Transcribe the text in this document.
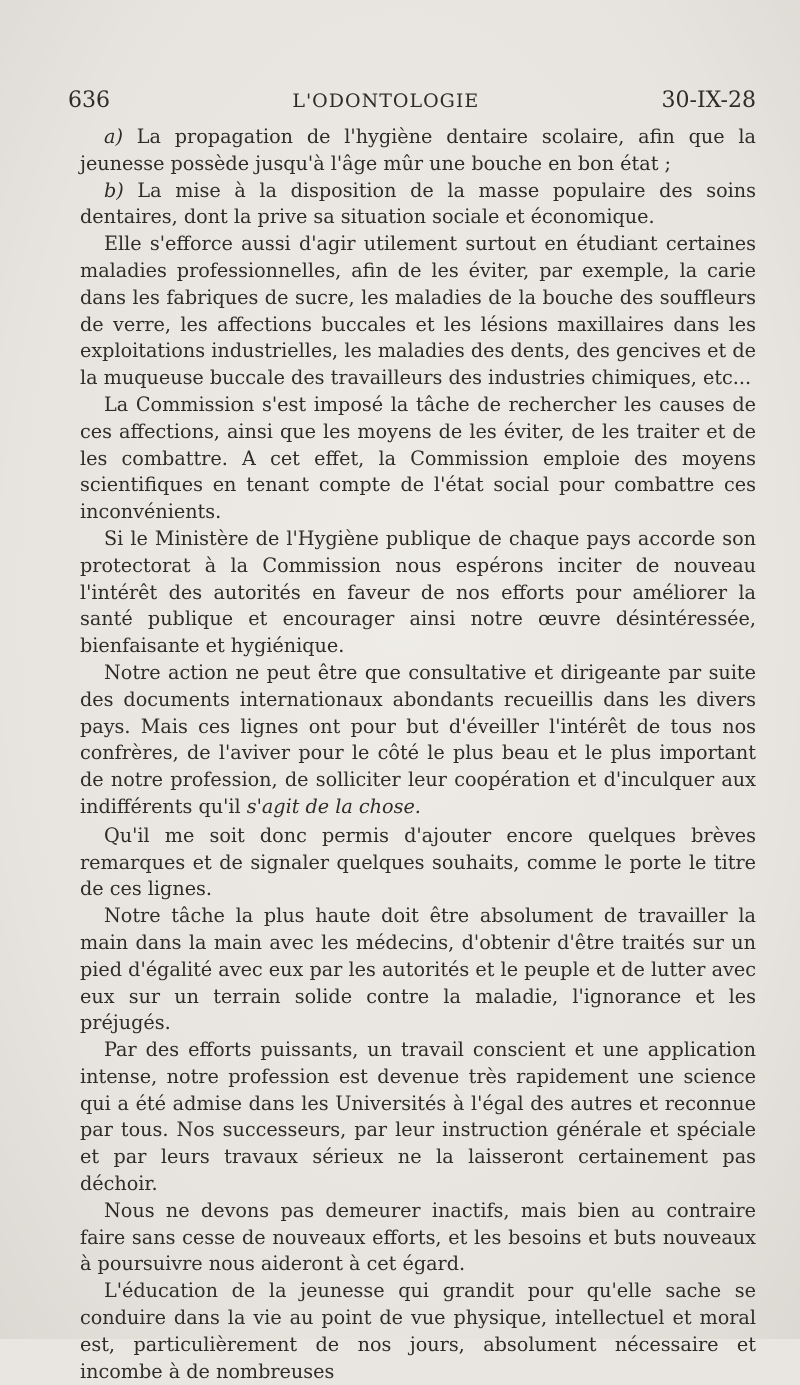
636	L'ODONTOLOGIE	30-IX-28

a) La propagation de l'hygiène dentaire scolaire, afin que la jeunesse possède jusqu'à l'âge mûr une bouche en bon état ;

b) La mise à la disposition de la masse populaire des soins dentaires, dont la prive sa situation sociale et économique.

Elle s'efforce aussi d'agir utilement surtout en étudiant certaines maladies professionnelles, afin de les éviter, par exemple, la carie dans les fabriques de sucre, les maladies de la bouche des souffleurs de verre, les affections buccales et les lésions maxillaires dans les exploitations industrielles, les maladies des dents, des gencives et de la muqueuse buccale des travailleurs des industries chimiques, etc...

La Commission s'est imposé la tâche de rechercher les causes de ces affections, ainsi que les moyens de les éviter, de les traiter et de les combattre. A cet effet, la Commission emploie des moyens scientifiques en tenant compte de l'état social pour combattre ces inconvénients.

Si le Ministère de l'Hygiène publique de chaque pays accorde son protectorat à la Commission nous espérons inciter de nouveau l'intérêt des autorités en faveur de nos efforts pour améliorer la santé publique et encourager ainsi notre œuvre désintéressée, bienfaisante et hygiénique.

Notre action ne peut être que consultative et dirigeante par suite des documents internationaux abondants recueillis dans les divers pays. Mais ces lignes ont pour but d'éveiller l'intérêt de tous nos confrères, de l'aviver pour le côté le plus beau et le plus important de notre profession, de solliciter leur coopération et d'inculquer aux indifférents qu'il s'agit de la chose.

Qu'il me soit donc permis d'ajouter encore quelques brèves remarques et de signaler quelques souhaits, comme le porte le titre de ces lignes.

Notre tâche la plus haute doit être absolument de travailler la main dans la main avec les médecins, d'obtenir d'être traités sur un pied d'égalité avec eux par les autorités et le peuple et de lutter avec eux sur un terrain solide contre la maladie, l'ignorance et les préjugés.

Par des efforts puissants, un travail conscient et une application intense, notre profession est devenue très rapidement une science qui a été admise dans les Universités à l'égal des autres et reconnue par tous. Nos successeurs, par leur instruction générale et spéciale et par leurs travaux sérieux ne la laisseront certainement pas déchoir.

Nous ne devons pas demeurer inactifs, mais bien au contraire faire sans cesse de nouveaux efforts, et les besoins et buts nouveaux à poursuivre nous aideront à cet égard.

L'éducation de la jeunesse qui grandit pour qu'elle sache se conduire dans la vie au point de vue physique, intellectuel et moral est, particulièrement de nos jours, absolument nécessaire et incombe à de nombreuses
